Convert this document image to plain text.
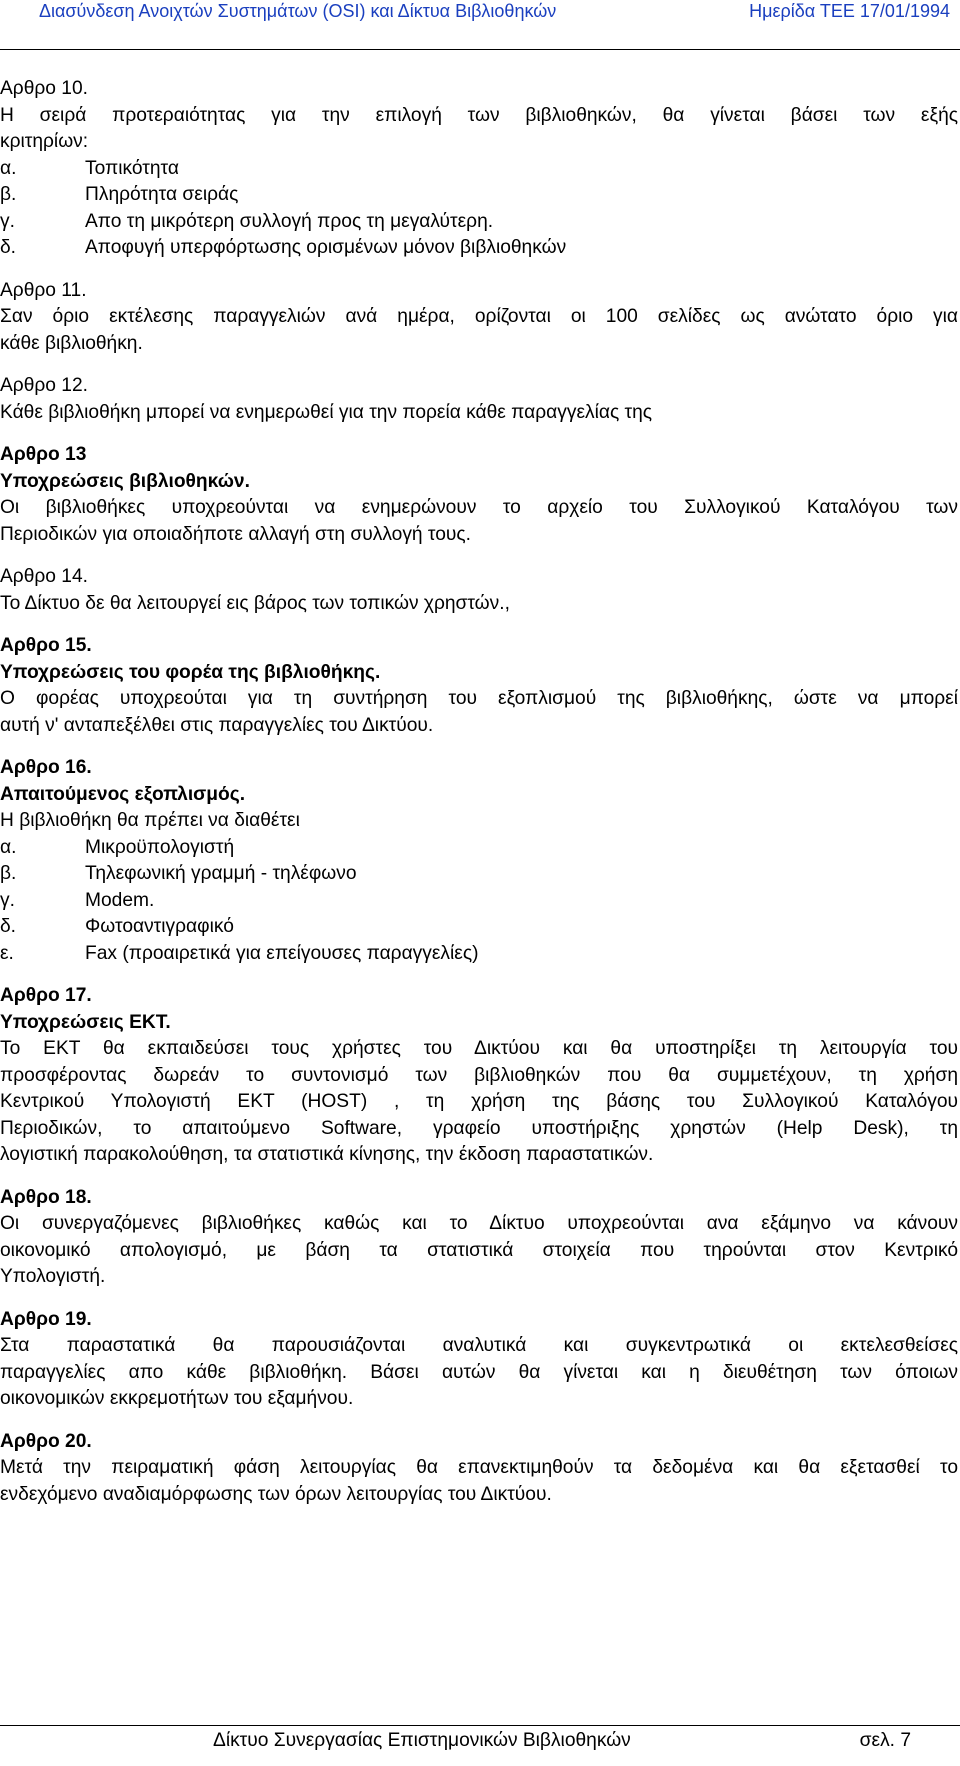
Διασύνδεση Ανοιχτών Συστημάτων (OSI) και Δίκτυα Βιβλιοθηκών	Ημερίδα ΤΕΕ 17/01/1994
Αρθρο 10.
Η σειρά προτεραιότητας για την επιλογή των βιβλιοθηκών, θα γίνεται βάσει των εξής
κριτηρίων:
α.	Τοπικότητα
β.	Πληρότητα σειράς
γ.	Απο τη μικρότερη συλλογή προς τη μεγαλύτερη.
δ.	Αποφυγή υπερφόρτωσης ορισμένων μόνον βιβλιοθηκών
Αρθρο 11.
Σαν όριο εκτέλεσης παραγγελιών ανά ημέρα, ορίζονται οι 100 σελίδες ως ανώτατο όριο για
κάθε βιβλιοθήκη.
Αρθρο 12.
Κάθε βιβλιοθήκη μπορεί να ενημερωθεί για την πορεία κάθε παραγγελίας της
Αρθρο 13
Υποχρεώσεις βιβλιοθηκών.
Οι βιβλιοθήκες υποχρεούνται να ενημερώνουν το αρχείο του Συλλογικού Καταλόγου των
Περιοδικών για οποιαδήποτε αλλαγή στη συλλογή τους.
Αρθρο 14.
Το Δίκτυο δε θα λειτουργεί εις βάρος των τοπικών χρηστών.,
Αρθρο 15.
Υποχρεώσεις του φορέα της βιβλιοθήκης.
Ο φορέας υποχρεούται για τη συντήρηση του εξοπλισμού της βιβλιοθήκης, ώστε να μπορεί
αυτή ν' ανταπεξέλθει στις παραγγελίες του Δικτύου.
Αρθρο 16.
Απαιτούμενος εξοπλισμός.
Η βιβλιοθήκη θα πρέπει να διαθέτει
α.	Μικροϋπολογιστή
β.	Τηλεφωνική γραμμή - τηλέφωνο
γ.	Modem.
δ.	Φωτοαντιγραφικό
ε.	Fax (προαιρετικά για επείγουσες παραγγελίες)
Αρθρο 17.
Υποχρεώσεις ΕΚΤ.
Το ΕΚΤ θα εκπαιδεύσει τους χρήστες του Δικτύου και θα υποστηρίξει τη λειτουργία του
προσφέροντας δωρεάν το συντονισμό των βιβλιοθηκών που θα συμμετέχουν, τη χρήση
Κεντρικού Υπολογιστή ΕΚΤ (HOST) , τη χρήση της βάσης του Συλλογικού Καταλόγου
Περιοδικών, το απαιτούμενο Software, γραφείο υποστήριξης χρηστών (Help Desk), τη
λογιστική παρακολούθηση, τα στατιστικά κίνησης, την έκδοση παραστατικών.
Αρθρο 18.
Οι συνεργαζόμενες βιβλιοθήκες καθώς και το Δίκτυο υποχρεούνται ανα εξάμηνο να κάνουν
οικονομικό απολογισμό, με βάση τα στατιστικά στοιχεία που τηρούνται στον Κεντρικό
Υπολογιστή.
Αρθρο 19.
Στα παραστατικά θα παρουσιάζονται αναλυτικά και συγκεντρωτικά οι εκτελεσθείσες
παραγγελίες απο κάθε βιβλιοθήκη. Βάσει αυτών θα γίνεται και η διευθέτηση των όποιων
οικονομικών εκκρεμοτήτων του εξαμήνου.
Αρθρο 20.
Μετά την πειραματική φάση λειτουργίας θα επανεκτιμηθούν τα δεδομένα και θα εξετασθεί το
ενδεχόμενο αναδιαμόρφωσης των όρων λειτουργίας του Δικτύου.
Δίκτυο Συνεργασίας Επιστημονικών Βιβλιοθηκών	σελ. 7
